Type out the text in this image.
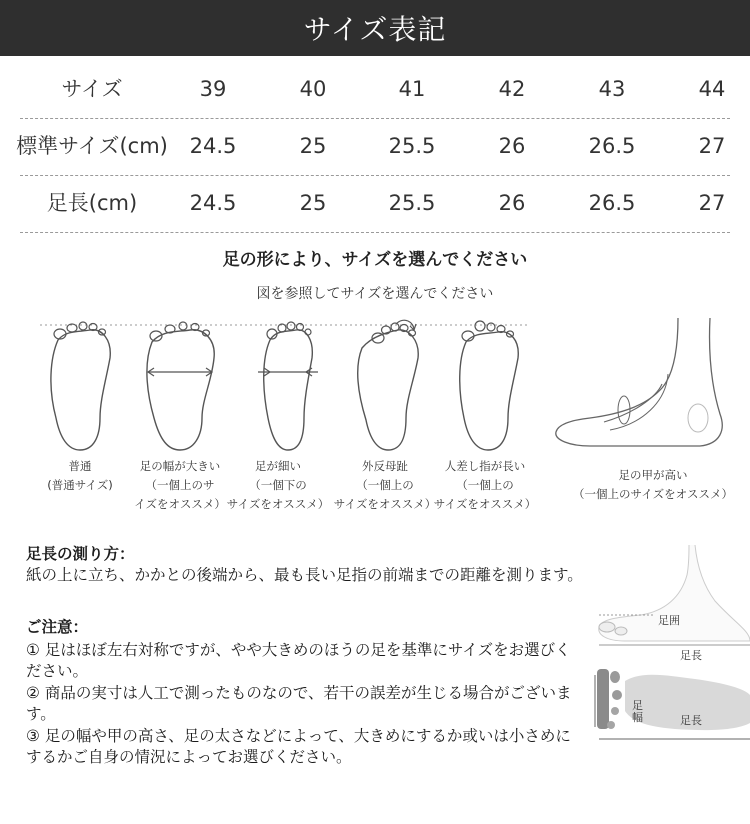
サイズ表記
サイズ	39	40	41	42	43	44
標準サイズ(cm)	24.5	25	25.5	26	26.5	27
足長(cm)	24.5	25	25.5	26	26.5	27
足の形により、サイズを選んでください
図を参照してサイズを選んでください
普通
(普通サイズ)
足の幅が大きい
（一個上のサ
イズをオススメ）
足が細い
（一個下の
サイズをオススメ）
外反母趾
（一個上の
サイズをオススメ）
人差し指が長い
（一個上の
サイズをオススメ）
足の甲が高い
（一個上のサイズをオススメ）
足長の測り方：
紙の上に立ち、かかとの後端から、最も長い足指の前端までの距離を測ります。
ご注意：
① 足はほぼ左右対称ですが、やや大きめのほうの足を基準にサイズをお選びください。
② 商品の実寸は人工で測ったものなので、若干の誤差が生じる場合がございます。
③ 足の幅や甲の高さ、足の太さなどによって、大きめにするか或いは小さめにするかご自身の情況によってお選びください。
足囲
足長
足幅	足長
